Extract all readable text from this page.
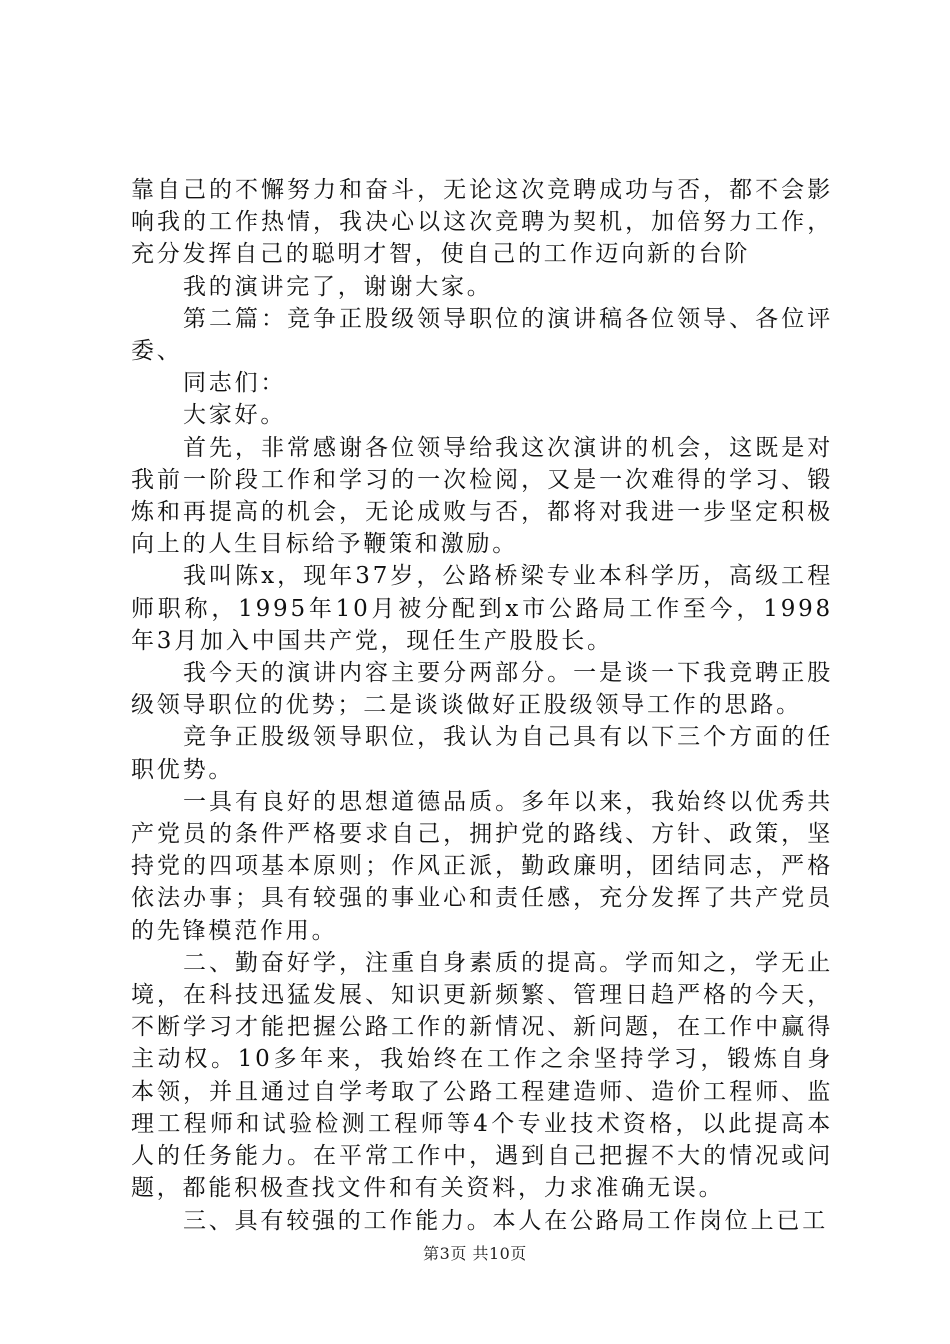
靠自己的不懈努力和奋斗，无论这次竞聘成功与否，都不会影响我的工作热情，我决心以这次竞聘为契机，加倍努力工作，充分发挥自己的聪明才智，使自己的工作迈向新的台阶

我的演讲完了，谢谢大家。

第二篇：竞争正股级领导职位的演讲稿各位领导、各位评委、

同志们：

大家好。

首先，非常感谢各位领导给我这次演讲的机会，这既是对我前一阶段工作和学习的一次检阅，又是一次难得的学习、锻炼和再提高的机会，无论成败与否，都将对我进一步坚定积极向上的人生目标给予鞭策和激励。

我叫陈x，现年37岁，公路桥梁专业本科学历，高级工程师职称，1995年10月被分配到x市公路局工作至今，1998年3月加入中国共产党，现任生产股股长。

我今天的演讲内容主要分两部分。一是谈一下我竞聘正股级领导职位的优势；二是谈谈做好正股级领导工作的思路。

竞争正股级领导职位，我认为自己具有以下三个方面的任职优势。

一具有良好的思想道德品质。多年以来，我始终以优秀共产党员的条件严格要求自己，拥护党的路线、方针、政策，坚持党的四项基本原则；作风正派，勤政廉明，团结同志，严格依法办事；具有较强的事业心和责任感，充分发挥了共产党员的先锋模范作用。

二、勤奋好学，注重自身素质的提高。学而知之，学无止境，在科技迅猛发展、知识更新频繁、管理日趋严格的今天，不断学习才能把握公路工作的新情况、新问题，在工作中赢得主动权。10多年来，我始终在工作之余坚持学习，锻炼自身本领，并且通过自学考取了公路工程建造师、造价工程师、监理工程师和试验检测工程师等4个专业技术资格，以此提高本人的任务能力。在平常工作中，遇到自己把握不大的情况或问题，都能积极查找文件和有关资料，力求准确无误。

三、具有较强的工作能力。本人在公路局工作岗位上已工

第3页 共10页
